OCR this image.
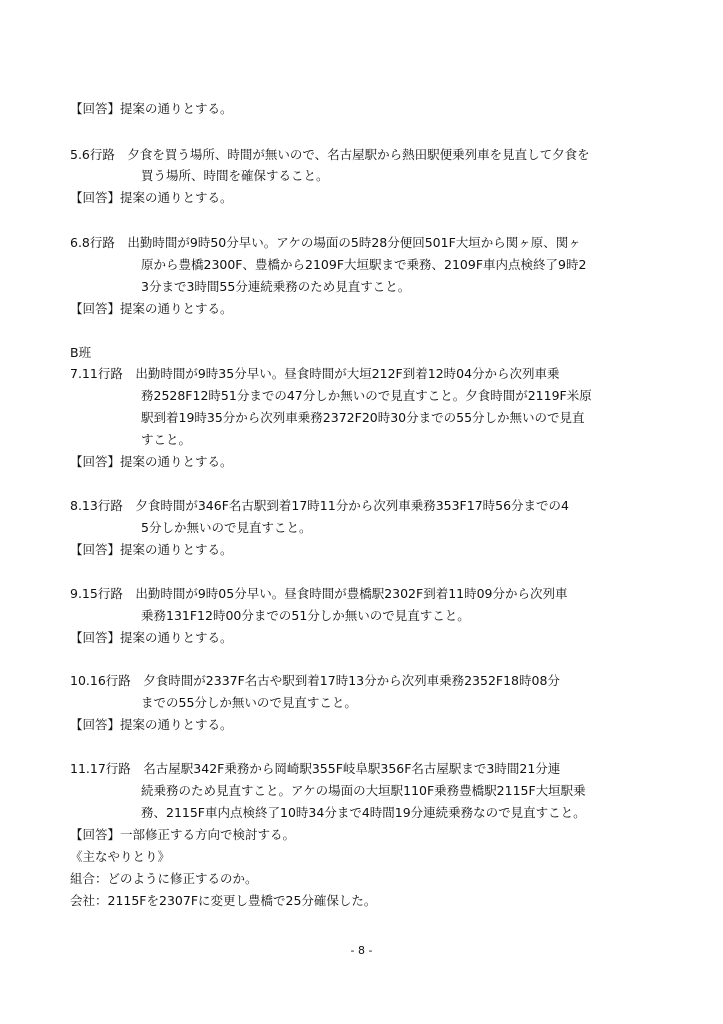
【回答】提案の通りとする。
5.6行路　夕食を買う場所、時間が無いので、名古屋駅から熱田駅便乗列車を見直して夕食を
買う場所、時間を確保すること。
【回答】提案の通りとする。
6.8行路　出勤時間が9時50分早い。アケの場面の5時28分便回501F大垣から関ヶ原、関ヶ
原から豊橋2300F、豊橋から2109F大垣駅まで乗務、2109F車内点検終了9時2
3分まで3時間55分連続乗務のため見直すこと。
【回答】提案の通りとする。
B班
7.11行路　出勤時間が9時35分早い。昼食時間が大垣212F到着12時04分から次列車乗
務2528F12時51分までの47分しか無いので見直すこと。夕食時間が2119F米原
駅到着19時35分から次列車乗務2372F20時30分までの55分しか無いので見直
すこと。
【回答】提案の通りとする。
8.13行路　夕食時間が346F名古駅到着17時11分から次列車乗務353F17時56分までの4
5分しか無いので見直すこと。
【回答】提案の通りとする。
9.15行路　出勤時間が9時05分早い。昼食時間が豊橋駅2302F到着11時09分から次列車
乗務131F12時00分までの51分しか無いので見直すこと。
【回答】提案の通りとする。
10.16行路　夕食時間が2337F名古や駅到着17時13分から次列車乗務2352F18時08分
までの55分しか無いので見直すこと。
【回答】提案の通りとする。
11.17行路　名古屋駅342F乗務から岡崎駅355F岐阜駅356F名古屋駅まで3時間21分連
続乗務のため見直すこと。アケの場面の大垣駅110F乗務豊橋駅2115F大垣駅乗
務、2115F車内点検終了10時34分まで4時間19分連続乗務なので見直すこと。
【回答】一部修正する方向で検討する。
《主なやりとり》
組合：どのように修正するのか。
会社：2115Fを2307Fに変更し豊橋で25分確保した。
- 8 -
